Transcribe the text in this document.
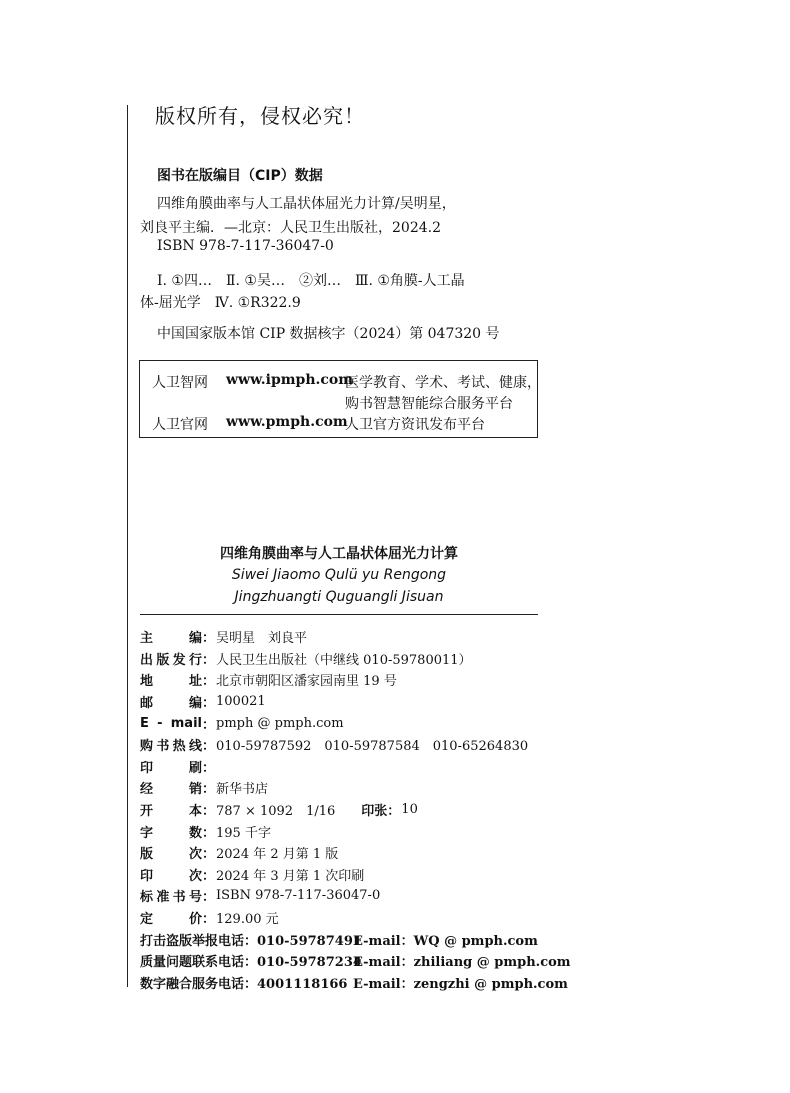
版权所有，侵权必究！
图书在版编目（CIP）数据
四维角膜曲率与人工晶状体屈光力计算/吴明星，
刘良平主编．—北京：人民卫生出版社，2024.2
ISBN 978-7-117-36047-0
Ⅰ. ①四…　Ⅱ. ①吴…　②刘…　Ⅲ. ①角膜-人工晶
体-屈光学　Ⅳ. ①R322.9
中国国家版本馆 CIP 数据核字（2024）第 047320 号
人卫智网 www.ipmph.com
医学教育、学术、考试、健康，
购书智慧智能综合服务平台
人卫官网 www.pmph.com
人卫官方资讯发布平台
四维角膜曲率与人工晶状体屈光力计算
Siwei Jiaomo Qulü yu Rengong
Jingzhuangti Quguangli Jisuan
主　　编 ： 吴明星　刘良平
出版发行 ： 人民卫生出版社（中继线 010-59780011）
地　　址 ： 北京市朝阳区潘家园南里 19 号
邮　　编 ： 100021
E - mail ： pmph @ pmph.com
购书热线 ： 010-59787592　010-59787584　010-65264830
印　　刷 ：
经　　销 ： 新华书店
开　　本 ： 787 × 1092　1/16 印张 ： 10
字　　数 ： 195 千字
版　　次 ： 2024 年 2 月第 1 版
印　　次 ： 2024 年 3 月第 1 次印刷
标准书号 ： ISBN 978-7-117-36047-0
定　　价 ： 129.00 元
打击盗版举报电话：010-59787491E-mail：WQ @ pmph.com
质量问题联系电话：010-59787234E-mail：zhiliang @ pmph.com
数字融合服务电话：4001118166 E-mail：zengzhi @ pmph.com
